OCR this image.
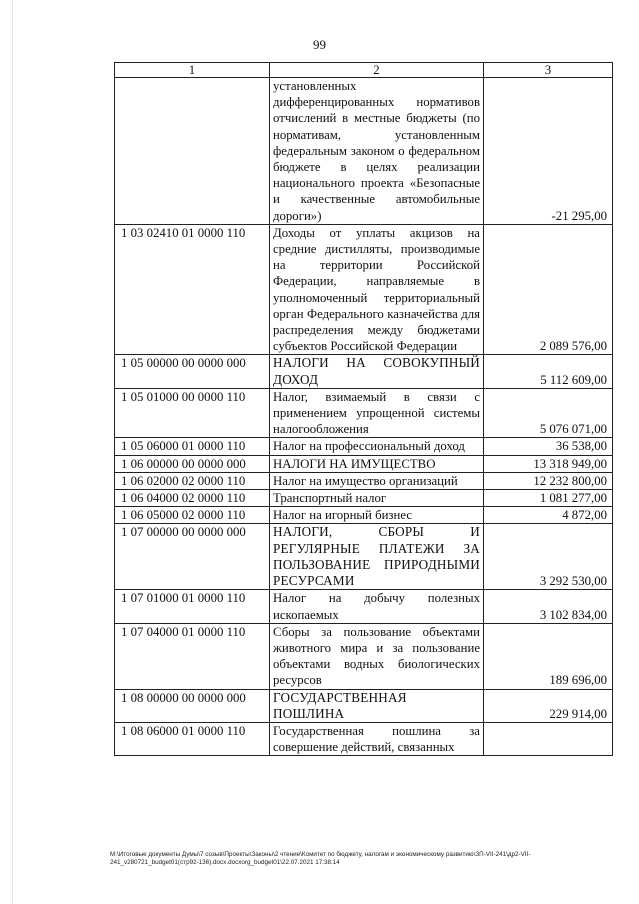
99
1	2	3
	установленных дифференцированных нормативов отчислений в местные бюджеты (по нормативам, установленным федеральным законом о федеральном бюджете в целях реализации национального проекта «Безопасные и качественные автомобильные дороги»)	-21 295,00
1 03 02410 01 0000 110	Доходы от уплаты акцизов на средние дистилляты, производимые на территории Российской Федерации, направляемые в уполномоченный территориальный орган Федерального казначейства для распределения между бюджетами субъектов Российской Федерации	2 089 576,00
1 05 00000 00 0000 000	НАЛОГИ НА СОВОКУПНЫЙ ДОХОД	5 112 609,00
1 05 01000 00 0000 110	Налог, взимаемый в связи с применением упрощенной системы налогообложения	5 076 071,00
1 05 06000 01 0000 110	Налог на профессиональный доход	36 538,00
1 06 00000 00 0000 000	НАЛОГИ НА ИМУЩЕСТВО	13 318 949,00
1 06 02000 02 0000 110	Налог на имущество организаций	12 232 800,00
1 06 04000 02 0000 110	Транспортный налог	1 081 277,00
1 06 05000 02 0000 110	Налог на игорный бизнес	4 872,00
1 07 00000 00 0000 000	НАЛОГИ, СБОРЫ И РЕГУЛЯРНЫЕ ПЛАТЕЖИ ЗА ПОЛЬЗОВАНИЕ ПРИРОДНЫМИ РЕСУРСАМИ	3 292 530,00
1 07 01000 01 0000 110	Налог на добычу полезных ископаемых	3 102 834,00
1 07 04000 01 0000 110	Сборы за пользование объектами животного мира и за пользование объектами водных биологических ресурсов	189 696,00
1 08 00000 00 0000 000	ГОСУДАРСТВЕННАЯ ПОШЛИНА	229 914,00
1 08 06000 01 0000 110	Государственная пошлина за совершение действий, связанных	
М:\Итоговые документы Думы\7 созыв\Проекты\Законы\2 чтение\Комитет по бюджету, налогам и экономическому развитию\ЗП-VII-241\др2-VII-241_v280721_budget01(стр92-136).docx.docxorg_budget01\22.07.2021 17:38:14
